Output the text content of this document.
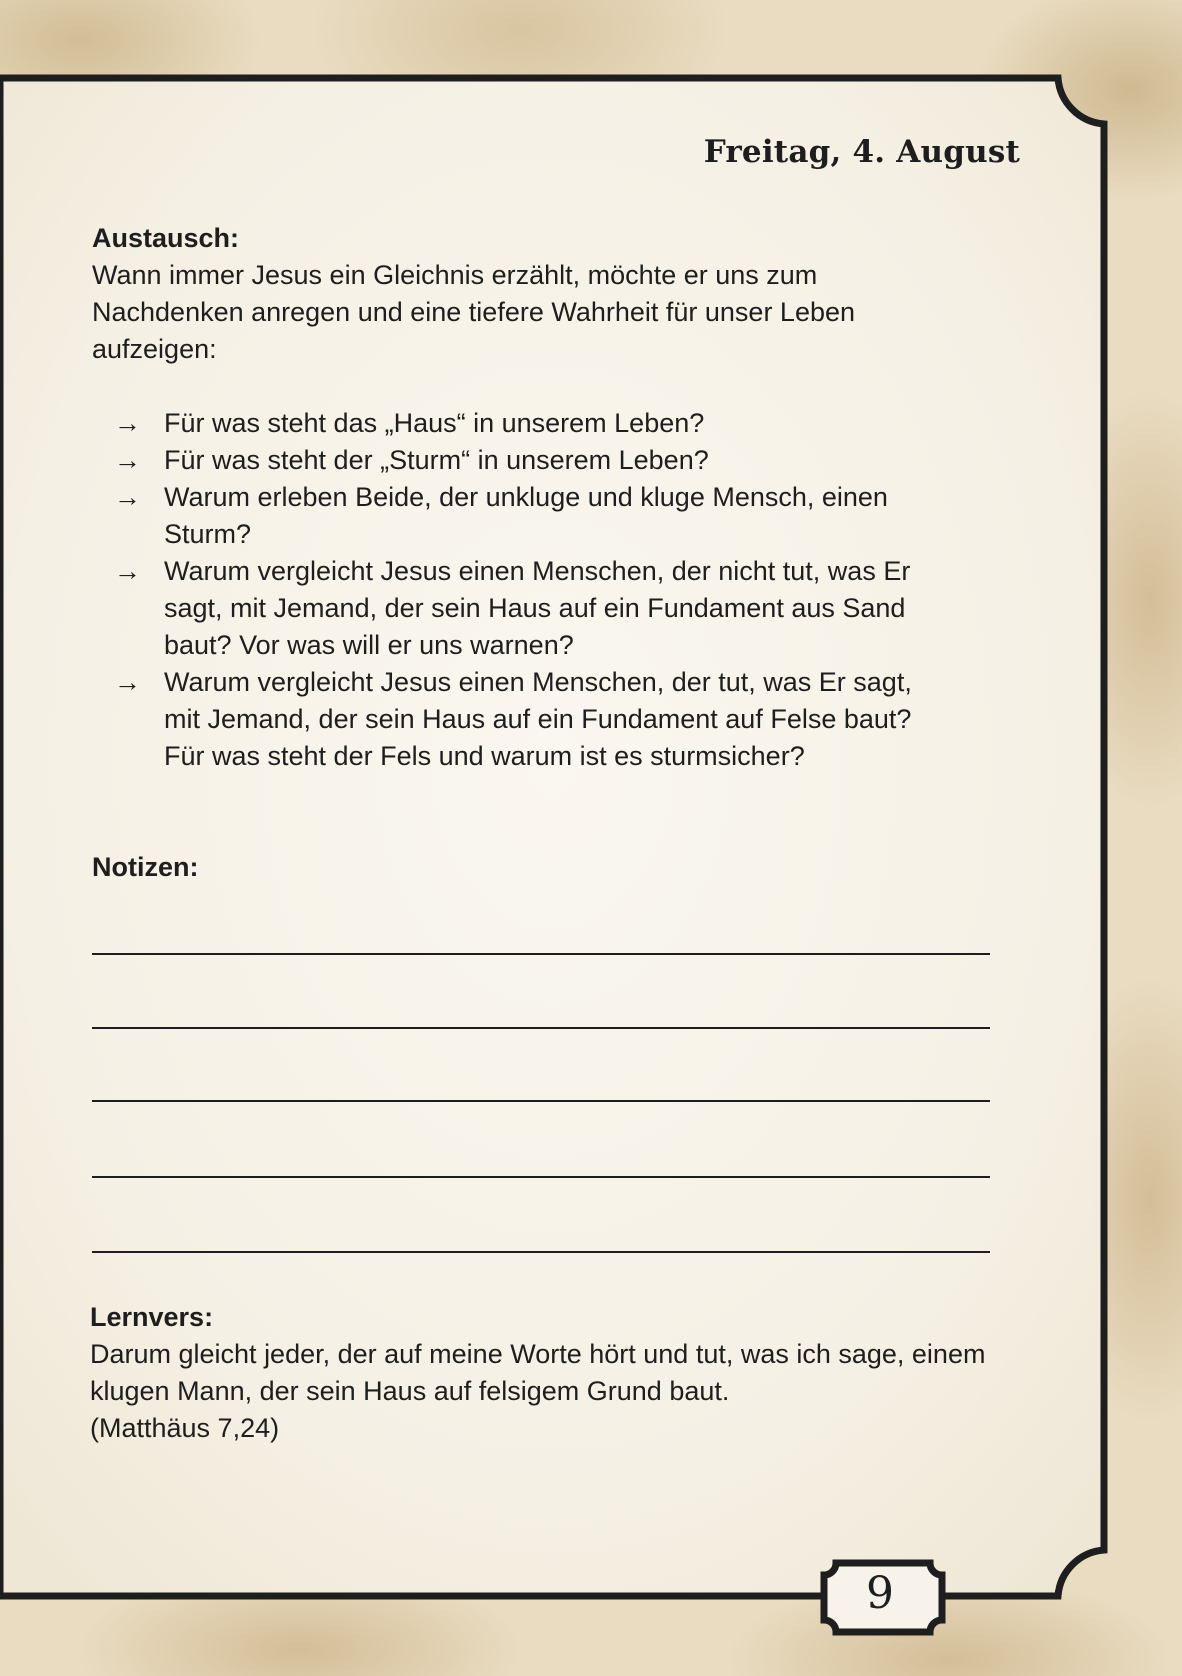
Freitag, 4. August

Austausch:

Wann immer Jesus ein Gleichnis erzählt, möchte er uns zum Nachdenken anregen und eine tiefere Wahrheit für unser Leben aufzeigen:

→ Für was steht das „Haus“ in unserem Leben?
→ Für was steht der „Sturm“ in unserem Leben?
→ Warum erleben Beide, der unkluge und kluge Mensch, einen Sturm?
→ Warum vergleicht Jesus einen Menschen, der nicht tut, was Er sagt, mit Jemand, der sein Haus auf ein Fundament aus Sand baut? Vor was will er uns warnen?
→ Warum vergleicht Jesus einen Menschen, der tut, was Er sagt, mit Jemand, der sein Haus auf ein Fundament auf Felse baut? Für was steht der Fels und warum ist es sturmsicher?
Notizen:
Lernvers:
Darum gleicht jeder, der auf meine Worte hört und tut, was ich sage, einem klugen Mann, der sein Haus auf felsigem Grund baut.
(Matthäus 7,24)
9
